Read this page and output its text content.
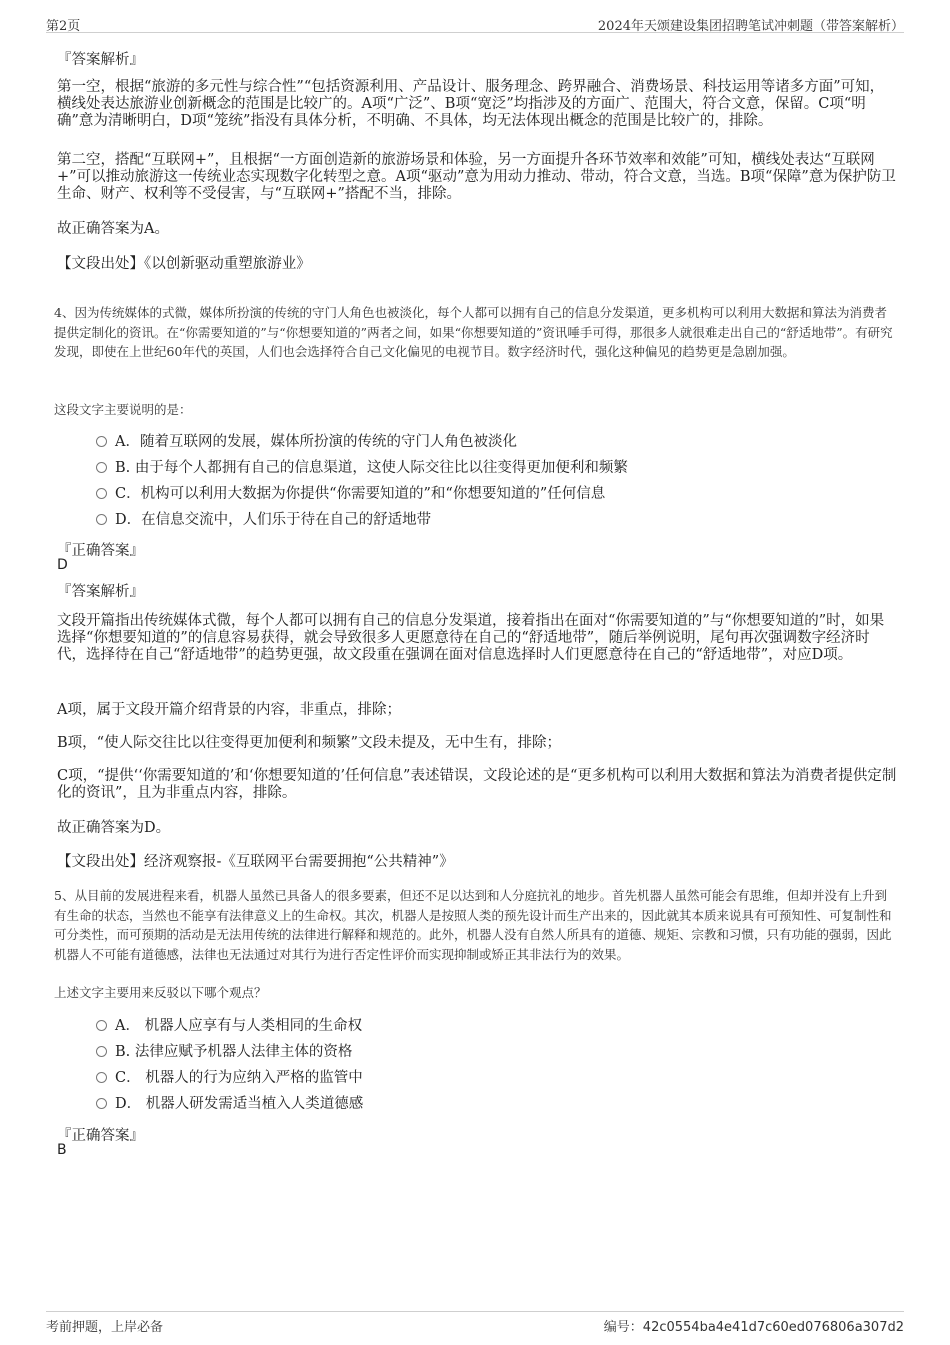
第2页	2024年天颂建设集团招聘笔试冲刺题（带答案解析）
『答案解析』

第一空，根据“旅游的多元性与综合性”“包括资源利用、产品设计、服务理念、跨界融合、消费场景、科技运用等诸多方面”可知，横线处表达旅游业创新概念的范围是比较广的。A项“广泛”、B项“宽泛”均指涉及的方面广、范围大，符合文意，保留。C项“明确”意为清晰明白，D项“笼统”指没有具体分析，不明确、不具体，均无法体现出概念的范围是比较广的，排除。

第二空，搭配“互联网+”，且根据“一方面创造新的旅游场景和体验，另一方面提升各环节效率和效能”可知，横线处表达“互联网+”可以推动旅游这一传统业态实现数字化转型之意。A项“驱动”意为用动力推动、带动，符合文意，当选。B项“保障”意为保护防卫生命、财产、权利等不受侵害，与“互联网+”搭配不当，排除。

故正确答案为A。

【文段出处】《以创新驱动重塑旅游业》

4、因为传统媒体的式微，媒体所扮演的传统的守门人角色也被淡化，每个人都可以拥有自己的信息分发渠道，更多机构可以利用大数据和算法为消费者提供定制化的资讯。在“你需要知道的”与“你想要知道的”两者之间，如果“你想要知道的”资讯唾手可得，那很多人就很难走出自己的“舒适地带”。有研究发现，即使在上世纪60年代的英国，人们也会选择符合自己文化偏见的电视节目。数字经济时代，强化这种偏见的趋势更是急剧加强。

这段文字主要说明的是：

A．随着互联网的发展，媒体所扮演的传统的守门人角色被淡化
B. 由于每个人都拥有自己的信息渠道，这使人际交往比以往变得更加便利和频繁
C．机构可以利用大数据为你提供“你需要知道的”和“你想要知道的”任何信息
D．在信息交流中，人们乐于待在自己的舒适地带
『正确答案』
D
『答案解析』

文段开篇指出传统媒体式微，每个人都可以拥有自己的信息分发渠道，接着指出在面对“你需要知道的”与“你想要知道的”时，如果选择“你想要知道的”的信息容易获得，就会导致很多人更愿意待在自己的“舒适地带”，随后举例说明，尾句再次强调数字经济时代，选择待在自己“舒适地带”的趋势更强，故文段重在强调在面对信息选择时人们更愿意待在自己的“舒适地带”，对应D项。

A项，属于文段开篇介绍背景的内容，非重点，排除；

B项，“使人际交往比以往变得更加便利和频繁”文段未提及，无中生有，排除；

C项，“提供‘‘你需要知道的’和‘你想要知道的’任何信息”表述错误，文段论述的是“更多机构可以利用大数据和算法为消费者提供定制化的资讯”，且为非重点内容，排除。

故正确答案为D。

【文段出处】经济观察报-《互联网平台需要拥抱“公共精神”》

5、从目前的发展进程来看，机器人虽然已具备人的很多要素，但还不足以达到和人分庭抗礼的地步。首先机器人虽然可能会有思维，但却并没有上升到有生命的状态，当然也不能享有法律意义上的生命权。其次，机器人是按照人类的预先设计而生产出来的，因此就其本质来说具有可预知性、可复制性和可分类性，而可预期的活动是无法用传统的法律进行解释和规范的。此外，机器人没有自然人所具有的道德、规矩、宗教和习惯，只有功能的强弱，因此机器人不可能有道德感，法律也无法通过对其行为进行否定性评价而实现抑制或矫正其非法行为的效果。

上述文字主要用来反驳以下哪个观点？

A． 机器人应享有与人类相同的生命权
B. 法律应赋予机器人法律主体的资格
C． 机器人的行为应纳入严格的监管中
D． 机器人研发需适当植入人类道德感
『正确答案』
B
考前押题，上岸必备	编号：42c0554ba4e41d7c60ed076806a307d2
